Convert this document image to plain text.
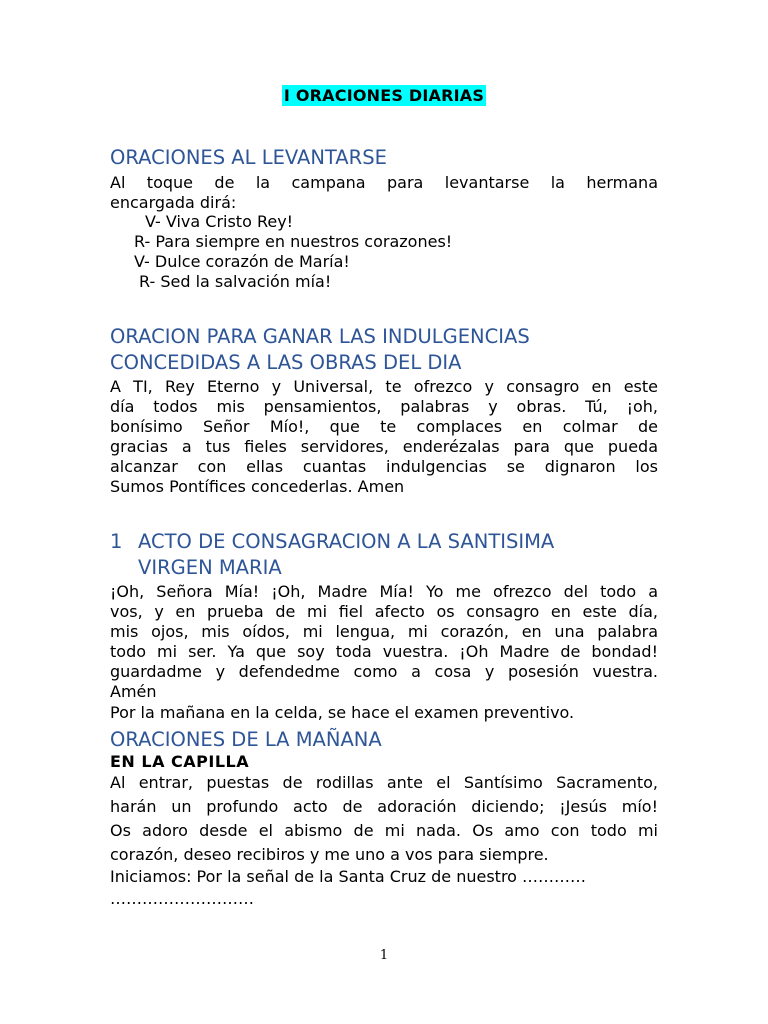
I ORACIONES DIARIAS
ORACIONES AL LEVANTARSE

Al toque de la campana para levantarse la hermana

encargada dirá:

V- Viva Cristo Rey!
R- Para siempre en nuestros corazones!
V- Dulce corazón de María!
R- Sed la salvación mía!
ORACION PARA GANAR LAS INDULGENCIAS
CONCEDIDAS A LAS OBRAS DEL DIA

A TI, Rey Eterno y Universal, te ofrezco y consagro en este

día todos mis pensamientos, palabras y obras. Tú, ¡oh,

bonísimo Señor Mío!, que te complaces en colmar de

gracias a tus fieles servidores, enderézalas para que pueda

alcanzar con ellas cuantas indulgencias se dignaron los

Sumos Pontífices concederlas. Amen

1 ACTO DE CONSAGRACION A LA SANTISIMA
VIRGEN MARIA

¡Oh, Señora Mía! ¡Oh, Madre Mía! Yo me ofrezco del todo a

vos, y en prueba de mi fiel afecto os consagro en este día,

mis ojos, mis oídos, mi lengua, mi corazón, en una palabra

todo mi ser. Ya que soy toda vuestra. ¡Oh Madre de bondad!

guardadme y defendedme como a cosa y posesión vuestra.

Amén

Por la mañana en la celda, se hace el examen preventivo.

ORACIONES DE LA MAÑANA
EN LA CAPILLA

Al entrar, puestas de rodillas ante el Santísimo Sacramento,

harán un profundo acto de adoración diciendo; ¡Jesús mío!

Os adoro desde el abismo de mi nada. Os amo con todo mi

corazón, deseo recibiros y me uno a vos para siempre.

Iniciamos: Por la señal de la Santa Cruz de nuestro …………

………………………

1
